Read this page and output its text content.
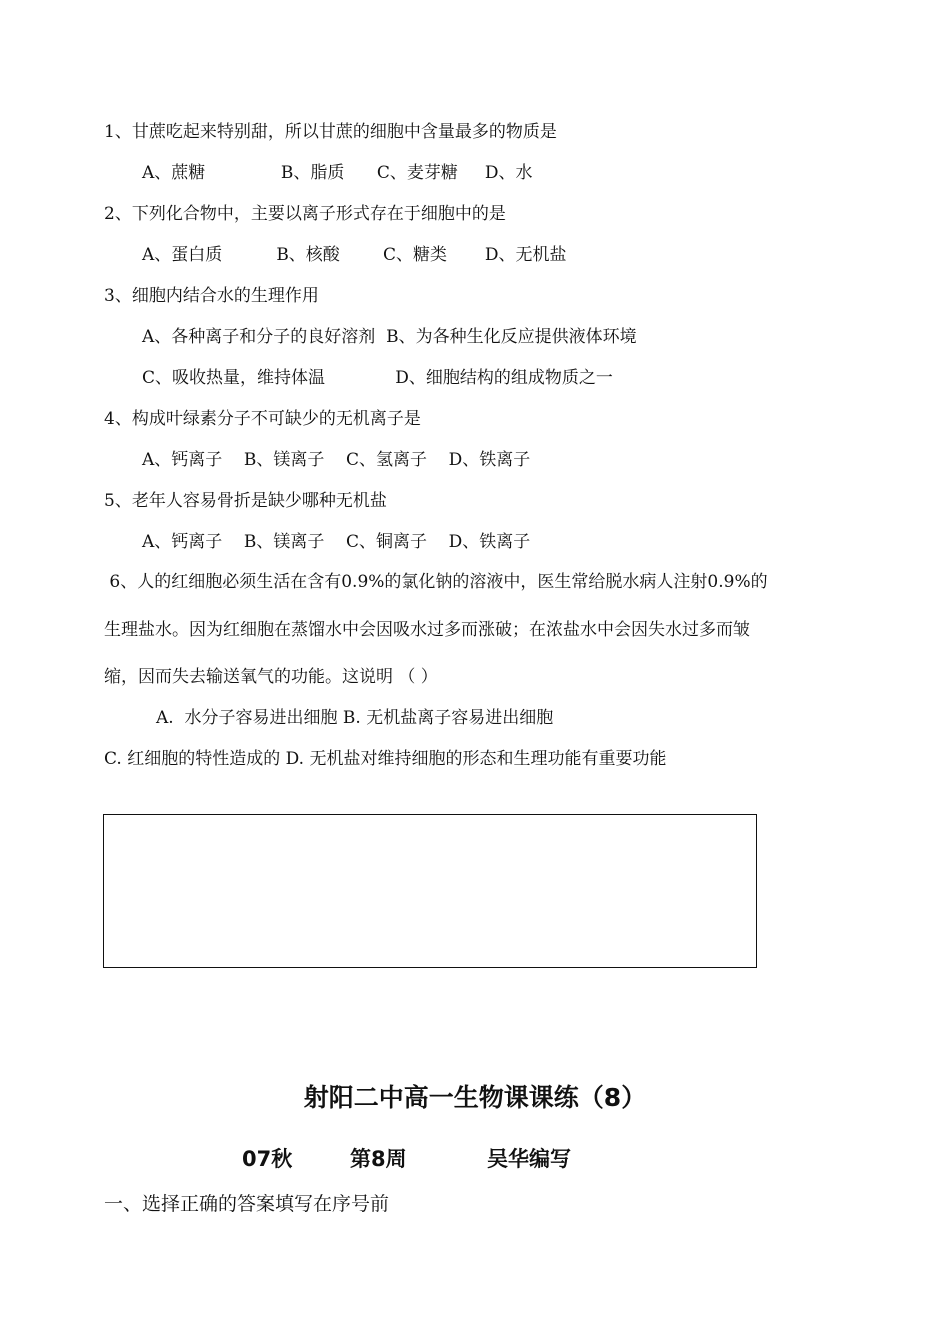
1、甘蔗吃起来特别甜，所以甘蔗的细胞中含量最多的物质是
A、蔗糖              B、脂质      C、麦芽糖     D、水
2、下列化合物中，主要以离子形式存在于细胞中的是
A、蛋白质          B、核酸        C、糖类       D、无机盐
3、细胞内结合水的生理作用
A、各种离子和分子的良好溶剂  B、为各种生化反应提供液体环境
C、吸收热量，维持体温             D、细胞结构的组成物质之一
4、构成叶绿素分子不可缺少的无机离子是
A、钙离子    B、镁离子    C、氢离子    D、铁离子
5、老年人容易骨折是缺少哪种无机盐
A、钙离子    B、镁离子    C、铜离子    D、铁离子
6、人的红细胞必须生活在含有0.9%的氯化钠的溶液中，医生常给脱水病人注射0.9%的
生理盐水。因为红细胞在蒸馏水中会因吸水过多而涨破；在浓盐水中会因失水过多而皱
缩，因而失去输送氧气的功能。这说明 （ ）
A.  水分子容易进出细胞 B. 无机盐离子容易进出细胞
C. 红细胞的特性造成的 D. 无机盐对维持细胞的形态和生理功能有重要功能
射阳二中高一生物课课练（8）
07秋	第8周	吴华编写
一、选择正确的答案填写在序号前
